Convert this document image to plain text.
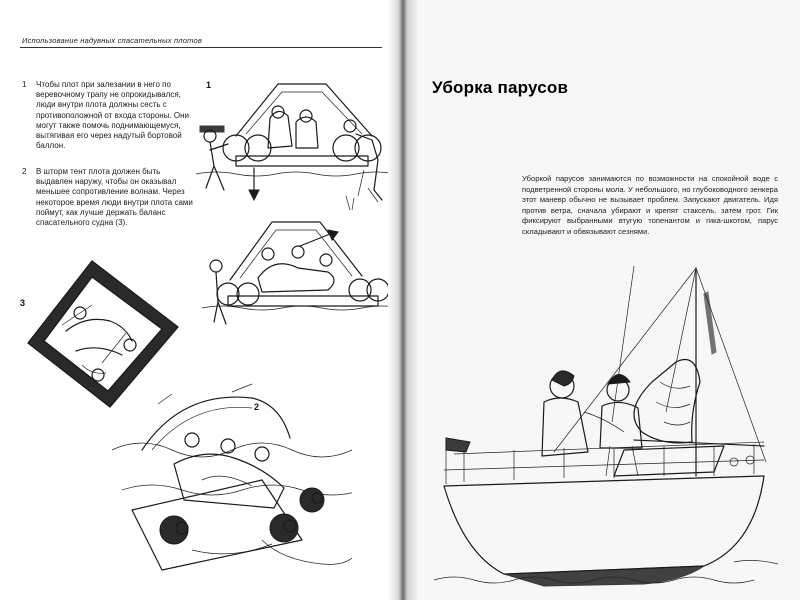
Использование надувных спасательных плотов
1 Чтобы плот при залезании в него по веревочному трапу не опрокидывался, люди внутри плота должны сесть с противоположной от входа стороны. Они могут также помочь поднимающемуся, вытягивая его через надутый бортовой баллон.
2 В шторм тент плота должен быть выдавлен наружу, чтобы он оказывал меньшее сопротивление волнам. Через некоторое время люди внутри плота сами поймут, как лучше держать баланс спасательного судна (3).
1
3
2
Уборка парусов
Уборкой парусов занимаются по возможности на спокойной воде с подветренной стороны мола. У небольшого, но глубоководного зенкера этот маневр обычно не вызывает проблем. Запускают двигатель. Идя против ветра, сначала убирают и крепят стаксель, затем грот. Гик фиксируют выбранными втугую топенантом и гика-шкотом, парус складывают и обвязывают сезнями.
